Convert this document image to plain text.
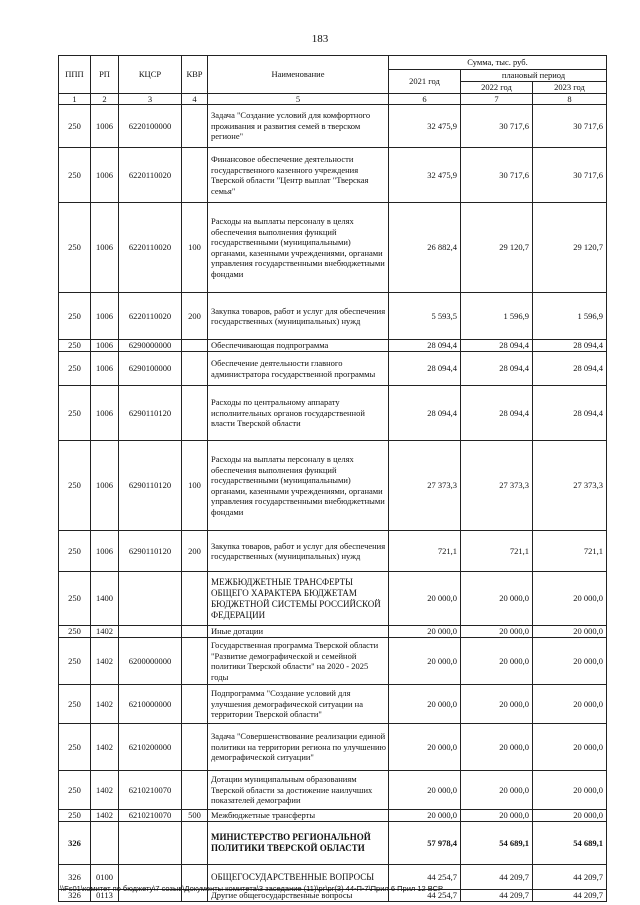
183
ППП	РП	КЦСР	КВР	Наименование	Сумма, тыс. руб.		
					2021 год	плановый период	
						2022 год	2023 год
1	2	3	4	5	6	7	8
250	1006	6220100000		Задача "Создание условий для комфортного проживания и развития семей в тверском регионе"	32 475,9	30 717,6	30 717,6
250	1006	6220110020		Финансовое обеспечение деятельности государственного казенного учреждения Тверской области "Центр выплат "Тверская семья"	32 475,9	30 717,6	30 717,6
250	1006	6220110020	100	Расходы на выплаты персоналу в целях обеспечения выполнения функций государственными (муниципальными) органами, казенными учреждениями, органами управления государственными внебюджетными фондами	26 882,4	29 120,7	29 120,7
250	1006	6220110020	200	Закупка товаров, работ и услуг для обеспечения государственных (муниципальных) нужд	5 593,5	1 596,9	1 596,9
250	1006	6290000000		Обеспечивающая подпрограмма	28 094,4	28 094,4	28 094,4
250	1006	6290100000		Обеспечение деятельности главного администратора государственной программы	28 094,4	28 094,4	28 094,4
250	1006	6290110120		Расходы по центральному аппарату исполнительных органов государственной власти Тверской области	28 094,4	28 094,4	28 094,4
250	1006	6290110120	100	Расходы на выплаты персоналу в целях обеспечения выполнения функций государственными (муниципальными) органами, казенными учреждениями, органами управления государственными внебюджетными фондами	27 373,3	27 373,3	27 373,3
250	1006	6290110120	200	Закупка товаров, работ и услуг для обеспечения государственных (муниципальных) нужд	721,1	721,1	721,1
250	1400			МЕЖБЮДЖЕТНЫЕ ТРАНСФЕРТЫ ОБЩЕГО ХАРАКТЕРА БЮДЖЕТАМ БЮДЖЕТНОЙ СИСТЕМЫ РОССИЙСКОЙ ФЕДЕРАЦИИ	20 000,0	20 000,0	20 000,0
250	1402			Иные дотации	20 000,0	20 000,0	20 000,0
250	1402	6200000000		Государственная программа Тверской области "Развитие демографической и семейной политики Тверской области" на 2020 - 2025 годы	20 000,0	20 000,0	20 000,0
250	1402	6210000000		Подпрограмма "Создание условий для улучшения демографической ситуации на территории Тверской области"	20 000,0	20 000,0	20 000,0
250	1402	6210200000		Задача "Совершенствование реализации единой политики на территории региона по улучшению демографической ситуации"	20 000,0	20 000,0	20 000,0
250	1402	6210210070		Дотации муниципальным образованиям Тверской области за достижение наилучших показателей демографии	20 000,0	20 000,0	20 000,0
250	1402	6210210070	500	Межбюджетные трансферты	20 000,0	20 000,0	20 000,0
326				МИНИСТЕРСТВО РЕГИОНАЛЬНОЙ ПОЛИТИКИ ТВЕРСКОЙ ОБЛАСТИ	57 978,4	54 689,1	54 689,1
326	0100			ОБЩЕГОСУДАРСТВЕННЫЕ ВОПРОСЫ	44 254,7	44 209,7	44 209,7
326	0113			Другие общегосударственные вопросы	44 254,7	44 209,7	44 209,7
\\Fs01\комитет по бюджету\7 созыв\Документы комитета\3 заседание (11)\рг\рг(3) 44-П-7\Прил 6 Прил 12 ВСР
